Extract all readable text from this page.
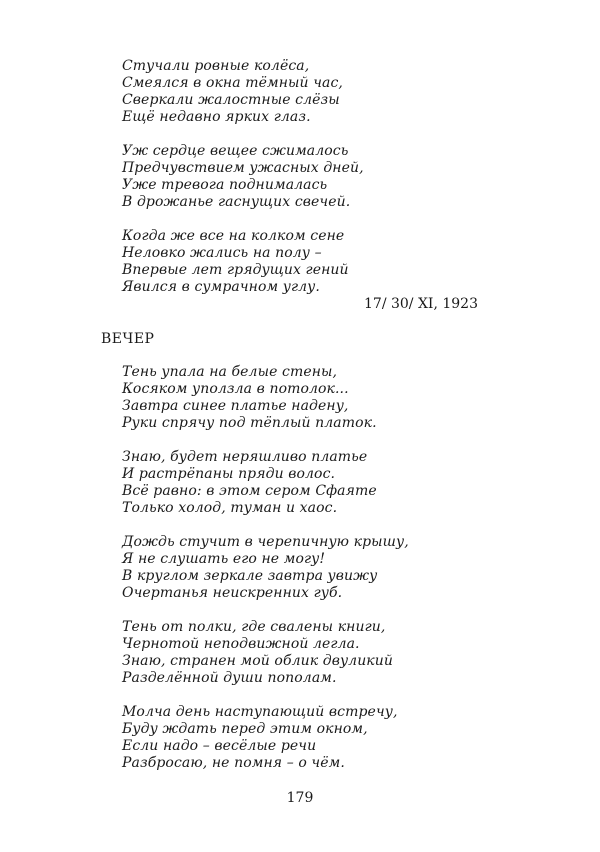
Стучали ровные колёса,
Смеялся в окна тёмный час,
Сверкали жалостные слёзы
Ещё недавно ярких глаз.
Уж сердце вещее сжималось
Предчувствием ужасных дней,
Уже тревога поднималась
В дрожанье гаснущих свечей.
Когда же все на колком сене
Неловко жались на полу –
Впервые лет грядущих гений
Явился в сумрачном углу.
17/ 30/ XI, 1923
ВЕЧЕР
Тень упала на белые стены,
Косяком уползла в потолок...
Завтра синее платье надену,
Руки спрячу под тёплый платок.
Знаю, будет неряшливо платье
И растрёпаны пряди волос.
Всё равно: в этом сером Сфаяте
Только холод, туман и хаос.
Дождь стучит в черепичную крышу,
Я не слушать его не могу!
В круглом зеркале завтра увижу
Очертанья неискренних губ.
Тень от полки, где свалены книги,
Чернотой неподвижной легла.
Знаю, странен мой облик двуликий
Разделённой души пополам.
Молча день наступающий встречу,
Буду ждать перед этим окном,
Если надо – весёлые речи
Разбросаю, не помня – о чём.
179
